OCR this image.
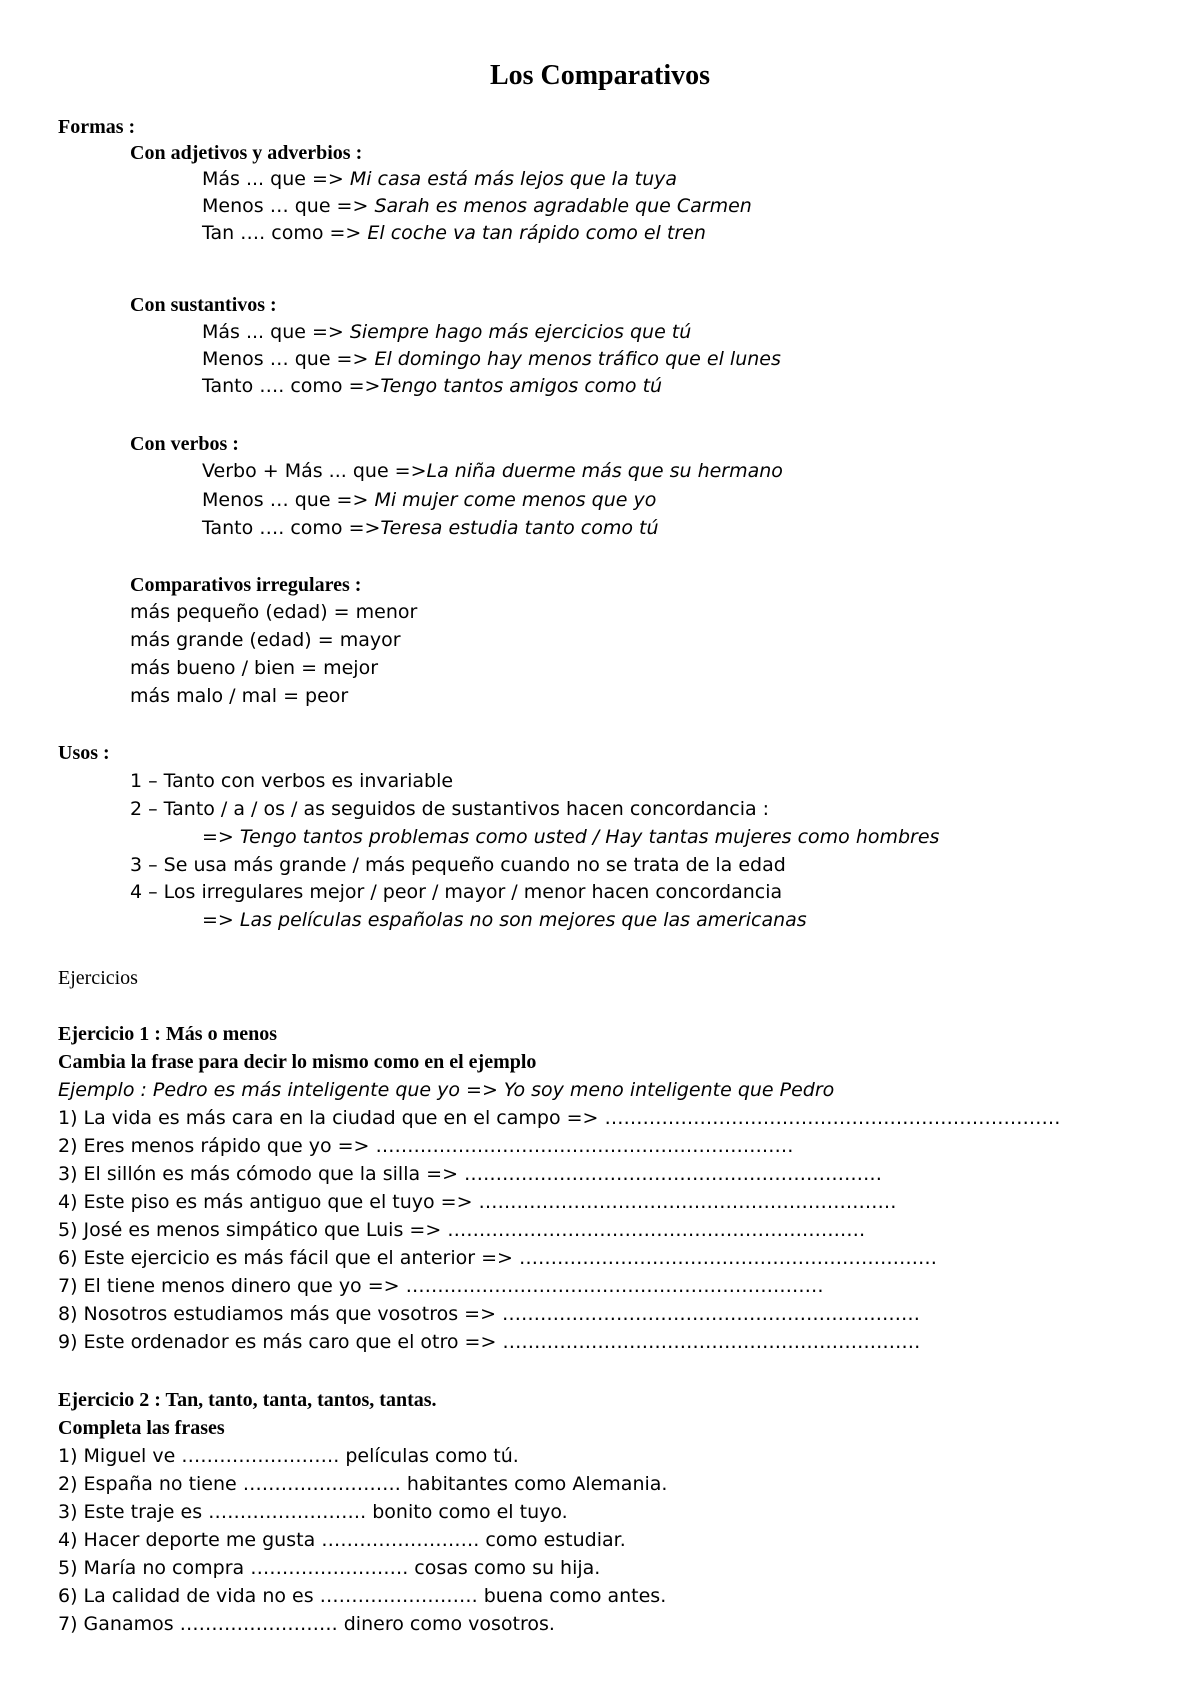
Los Comparativos
Formas :
Con adjetivos y adverbios :
Más ... que => Mi casa está más lejos que la tuya
Menos … que => Sarah es menos agradable que Carmen
Tan …. como => El coche va tan rápido como el tren
Con sustantivos :
Más ... que => Siempre hago más ejercicios que tú
Menos … que => El domingo hay menos tráfico que el lunes
Tanto …. como =>Tengo tantos amigos como tú
Con verbos :
Verbo + Más ... que =>La niña duerme más que su hermano
Menos … que => Mi mujer come menos que yo
Tanto …. como =>Teresa estudia tanto como tú
Comparativos irregulares :
más pequeño (edad) = menor
más grande (edad) = mayor
más bueno / bien = mejor
más malo / mal = peor
Usos :
1 – Tanto con verbos es invariable
2 – Tanto / a / os / as seguidos de sustantivos hacen concordancia :
=> Tengo tantos problemas como usted / Hay tantas mujeres como hombres
3 – Se usa más grande / más pequeño cuando no se trata de la edad
4 – Los irregulares mejor / peor / mayor / menor hacen concordancia
=> Las películas españolas no son mejores que las americanas
Ejercicios
Ejercicio 1 : Más o menos
Cambia la frase para decir lo mismo como en el ejemplo
Ejemplo : Pedro es más inteligente que yo => Yo soy meno inteligente que Pedro
1) La vida es más cara en la ciudad que en el campo => ………………………………………………………………
2) Eres menos rápido que yo => …………………………………………………………
3) El sillón es más cómodo que la silla => …………………………………………………………
4) Este piso es más antiguo que el tuyo => …………………………………………………………
5) José es menos simpático que Luis => …………………………………………………………
6) Este ejercicio es más fácil que el anterior => …………………………………………………………
7) El tiene menos dinero que yo => …………………………………………………………
8) Nosotros estudiamos más que vosotros => …………………………………………………………
9) Este ordenador es más caro que el otro => …………………………………………………………
Ejercicio 2 : Tan, tanto, tanta, tantos, tantas.
Completa las frases
1) Miguel ve ……………………. películas como tú.
2) España no tiene ……………………. habitantes como Alemania.
3) Este traje es ……………………. bonito como el tuyo.
4) Hacer deporte me gusta ……………………. como estudiar.
5) María no compra ……………………. cosas como su hija.
6) La calidad de vida no es ……………………. buena como antes.
7) Ganamos ……………………. dinero como vosotros.
